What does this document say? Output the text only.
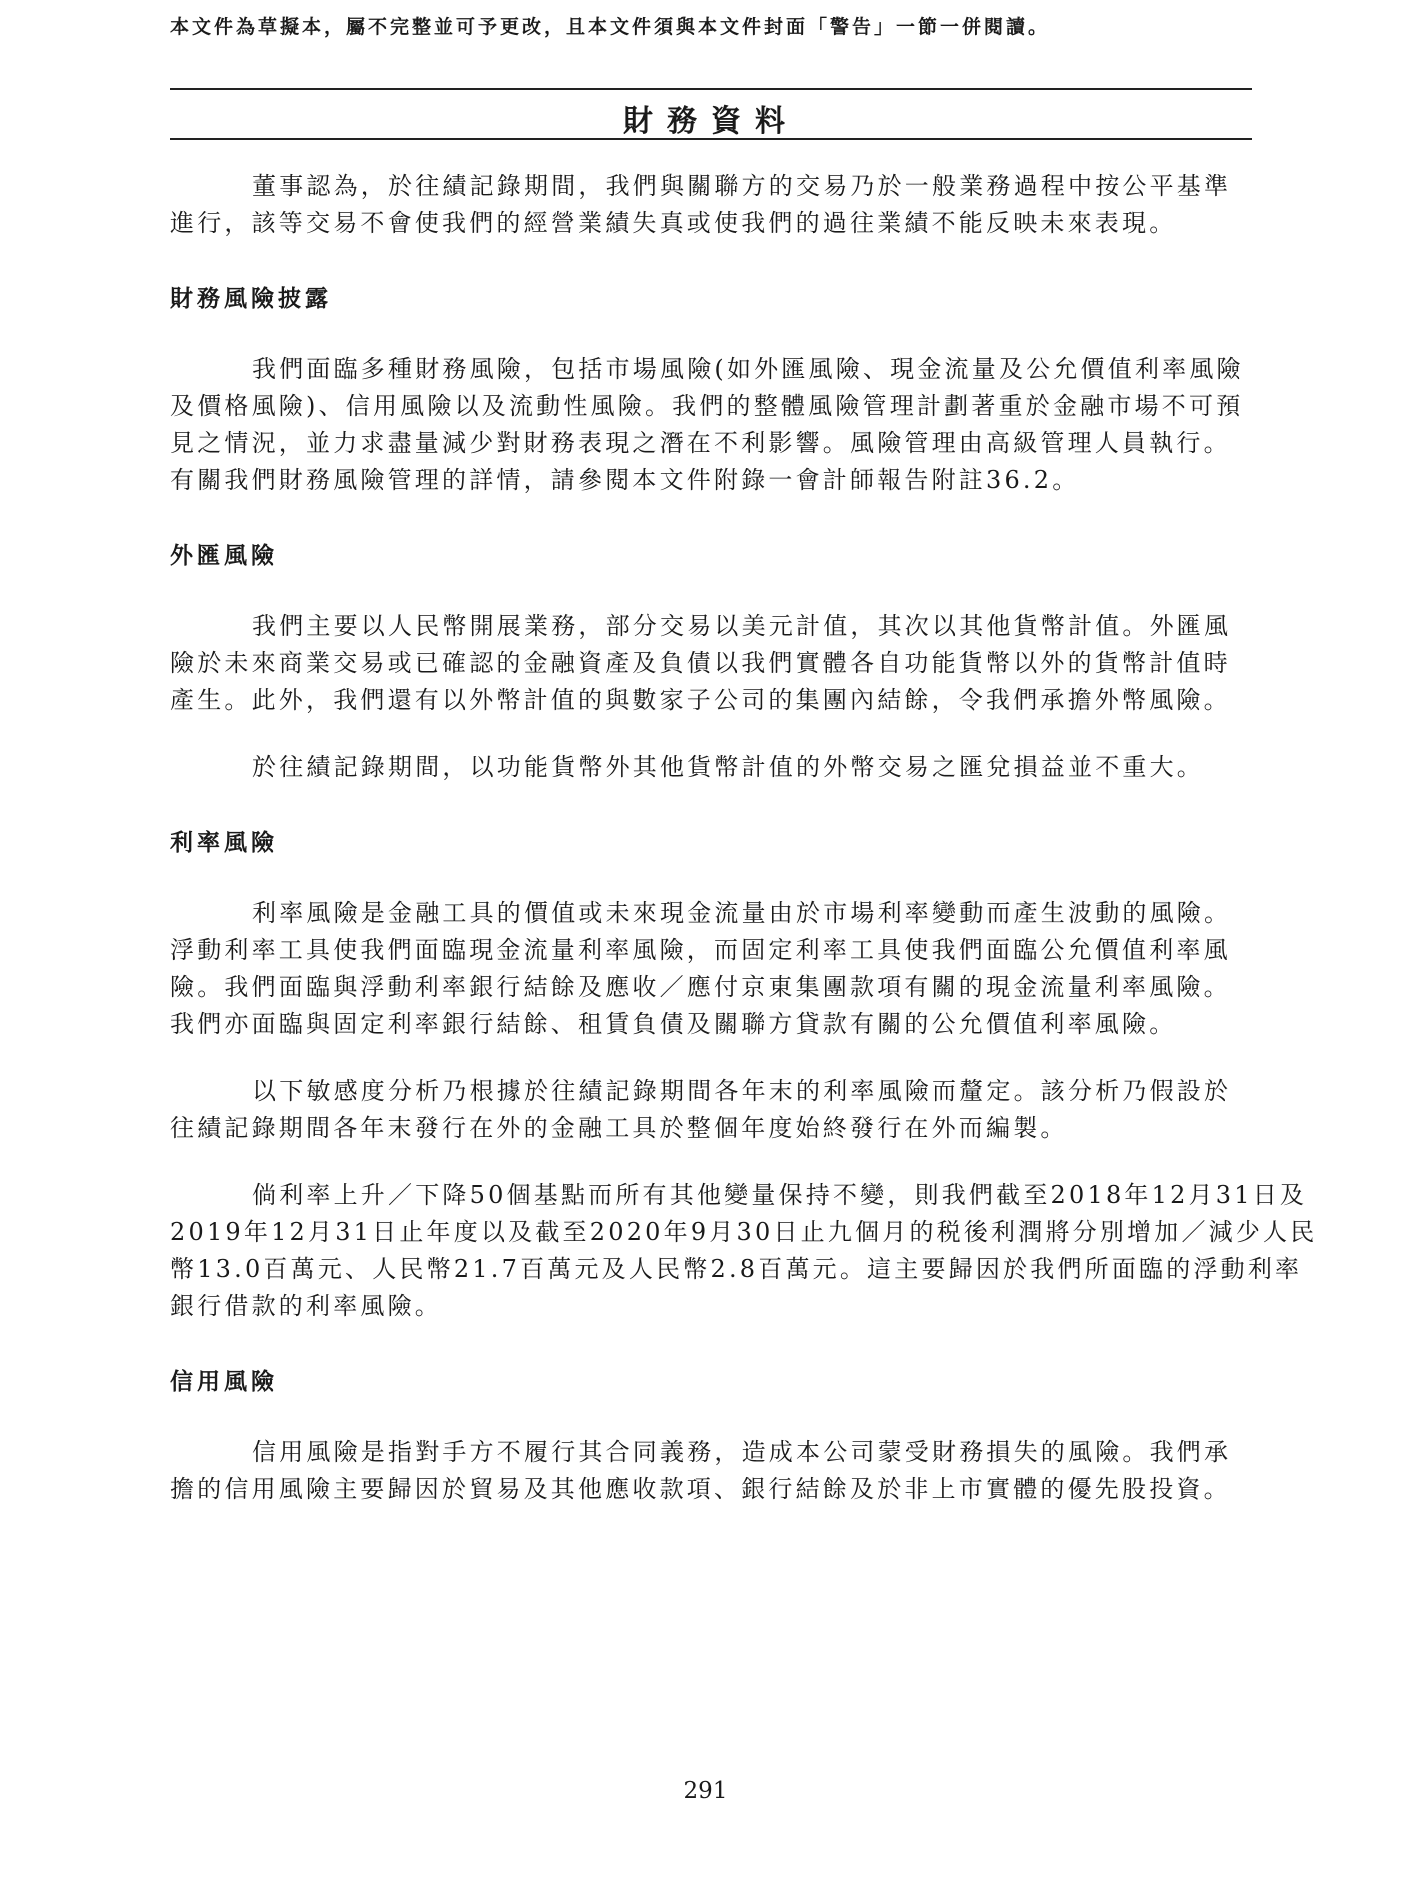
本文件為草擬本，屬不完整並可予更改，且本文件須與本文件封面「警告」一節一併閱讀。
財務資料

董事認為，於往績記錄期間，我們與關聯方的交易乃於一般業務過程中按公平基準
進行，該等交易不會使我們的經營業績失真或使我們的過往業績不能反映未來表現。

財務風險披露

我們面臨多種財務風險，包括市場風險(如外匯風險、現金流量及公允價值利率風險
及價格風險)、信用風險以及流動性風險。我們的整體風險管理計劃著重於金融市場不可預
見之情況，並力求盡量減少對財務表現之潛在不利影響。風險管理由高級管理人員執行。
有關我們財務風險管理的詳情，請參閱本文件附錄一會計師報告附註36.2。

外匯風險

我們主要以人民幣開展業務，部分交易以美元計值，其次以其他貨幣計值。外匯風
險於未來商業交易或已確認的金融資產及負債以我們實體各自功能貨幣以外的貨幣計值時
產生。此外，我們還有以外幣計值的與數家子公司的集團內結餘，令我們承擔外幣風險。

於往績記錄期間，以功能貨幣外其他貨幣計值的外幣交易之匯兌損益並不重大。

利率風險

利率風險是金融工具的價值或未來現金流量由於市場利率變動而產生波動的風險。
浮動利率工具使我們面臨現金流量利率風險，而固定利率工具使我們面臨公允價值利率風
險。我們面臨與浮動利率銀行結餘及應收／應付京東集團款項有關的現金流量利率風險。
我們亦面臨與固定利率銀行結餘、租賃負債及關聯方貸款有關的公允價值利率風險。

以下敏感度分析乃根據於往績記錄期間各年末的利率風險而釐定。該分析乃假設於
往績記錄期間各年末發行在外的金融工具於整個年度始終發行在外而編製。

倘利率上升／下降50個基點而所有其他變量保持不變，則我們截至2018年12月31日及
2019年12月31日止年度以及截至2020年9月30日止九個月的税後利潤將分別增加／減少人民
幣13.0百萬元、人民幣21.7百萬元及人民幣2.8百萬元。這主要歸因於我們所面臨的浮動利率
銀行借款的利率風險。

信用風險

信用風險是指對手方不履行其合同義務，造成本公司蒙受財務損失的風險。我們承
擔的信用風險主要歸因於貿易及其他應收款項、銀行結餘及於非上市實體的優先股投資。

291
